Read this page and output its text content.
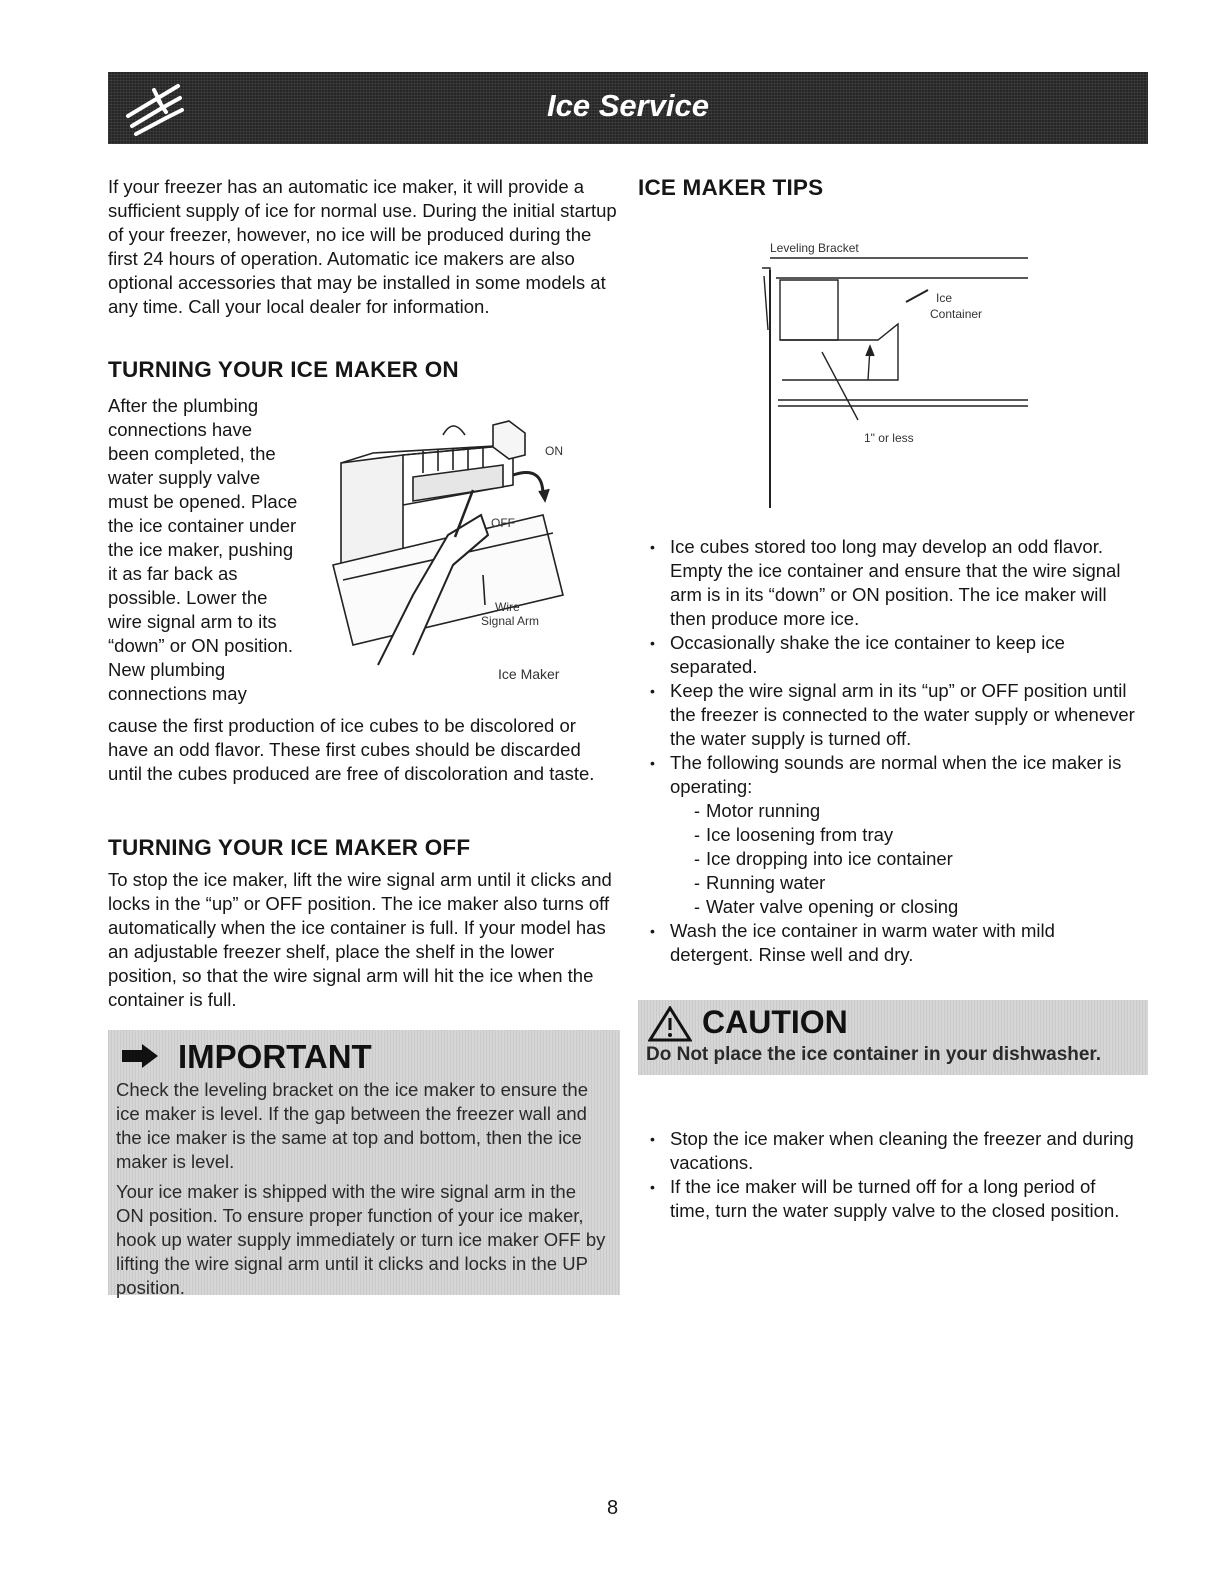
Ice Service

If your freezer has an automatic ice maker, it will provide a sufficient supply of ice for normal use. During the initial startup of your freezer, however, no ice will be produced during the first 24 hours of operation. Automatic ice makers are also optional accessories that may be installed in some models at any time. Call your local dealer for information.

TURNING YOUR ICE MAKER ON

After the plumbing connections have been completed, the water supply valve must be opened. Place the ice container under the ice maker, pushing it as far back as possible. Lower the wire signal arm to its “down” or ON position. New plumbing connections may

ON
OFF
Wire
Signal Arm
Ice Maker

cause the first production of ice cubes to be discolored or have an odd flavor. These first cubes should be discarded until the cubes produced are free of discoloration and taste.

TURNING YOUR ICE MAKER OFF

To stop the ice maker, lift the wire signal arm until it clicks and locks in the “up” or OFF position. The ice maker also turns off automatically when the ice container is full. If your model has an adjustable freezer shelf, place the shelf in the lower position, so that the wire signal arm will hit the ice when the container is full.

IMPORTANT
Check the leveling bracket on the ice maker to ensure the ice maker is level. If the gap between the freezer wall and the ice maker is the same at top and bottom, then the ice maker is level.
Your ice maker is shipped with the wire signal arm in the ON position. To ensure proper function of your ice maker, hook up water supply immediately or turn ice maker OFF by lifting the wire signal arm until it clicks and locks in the UP position.
ICE MAKER TIPS
Leveling Bracket
Ice
Container
1" or less
• Ice cubes stored too long may develop an odd flavor. Empty the ice container and ensure that the wire signal arm is in its “down” or ON position. The ice maker will then produce more ice.
• Occasionally shake the ice container to keep ice separated.
• Keep the wire signal arm in its “up” or OFF position until the freezer is connected to the water supply or whenever the water supply is turned off.
• The following sounds are normal when the ice maker is operating:
- Motor running
- Ice loosening from tray
- Ice dropping into ice container
- Running water
- Water valve opening or closing
• Wash the ice container in warm water with mild detergent. Rinse well and dry.
CAUTION
Do Not place the ice container in your dishwasher.
• Stop the ice maker when cleaning the freezer and during vacations.
• If the ice maker will be turned off for a long period of time, turn the water supply valve to the closed position.
8
